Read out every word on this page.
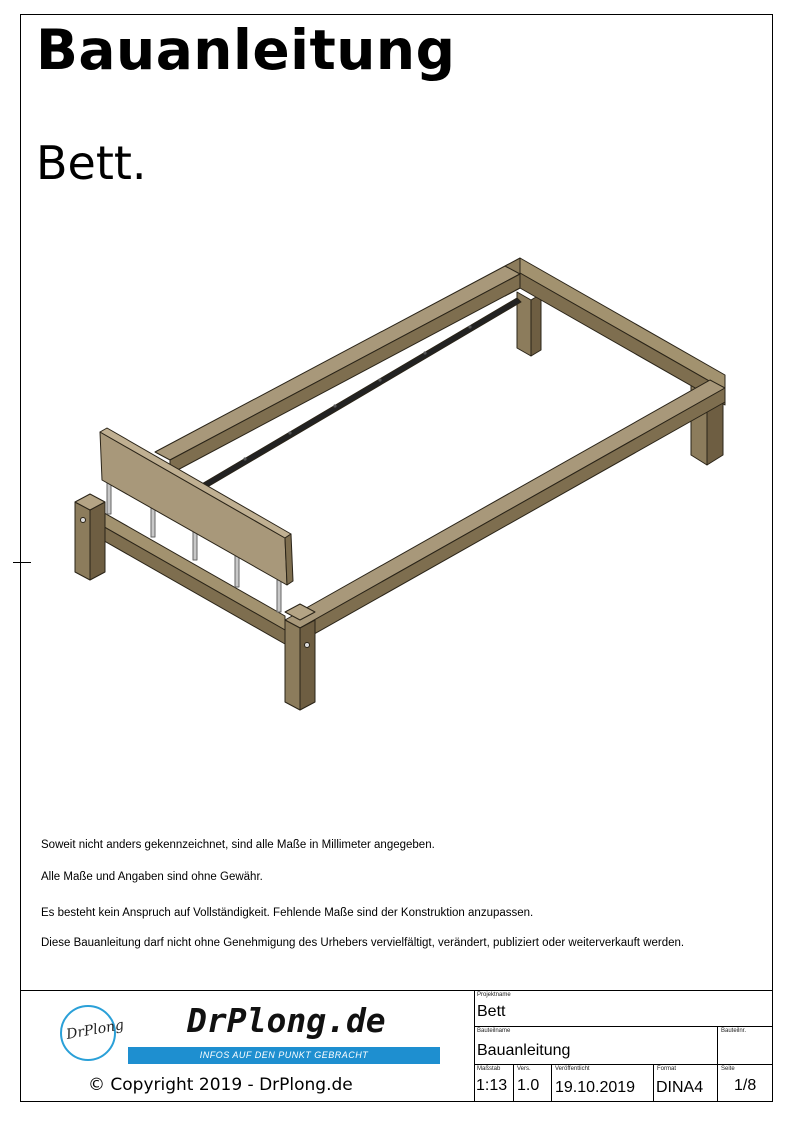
Bauanleitung
Bett.

Soweit nicht anders gekennzeichnet, sind alle Maße in Millimeter angegeben.

Alle Maße und Angaben sind ohne Gewähr.

Es besteht kein Anspruch auf Vollständigkeit. Fehlende Maße sind der Konstruktion anzupassen.

Diese Bauanleitung darf nicht ohne Genehmigung des Urhebers vervielfältigt, verändert, publiziert oder weiterverkauft werden.

DrPlong DrPlong.de
INFOS AUF DEN PUNKT GEBRACHT
© Copyright 2019 - DrPlong.de
Projektname
Bett
Bauteilname
Bauanleitung
Bauteilnr.
Maßstab
1:13
Vers.
1.0
Veröffentlicht
19.10.2019
Format
DINA4
Seite
1/8
